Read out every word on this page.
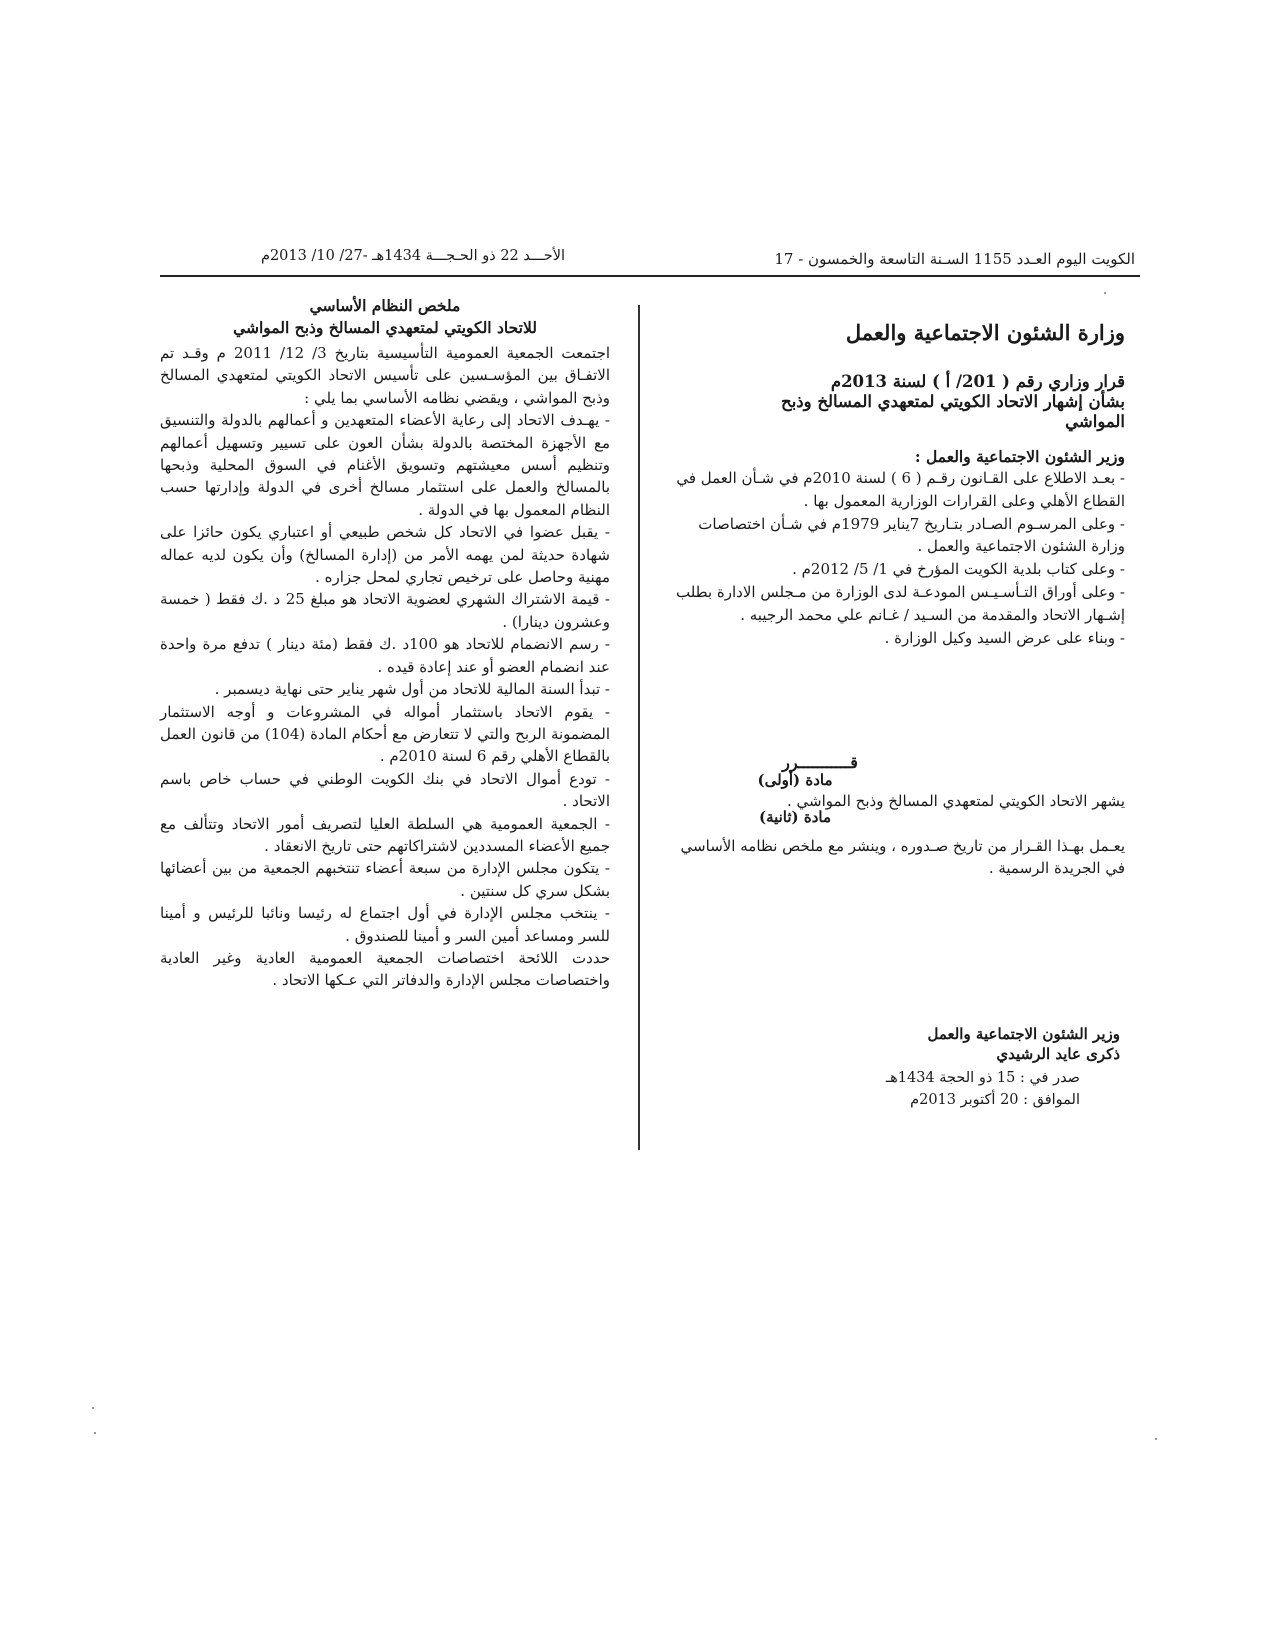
الأحـــد 22 ذو الحـجـــة 1434هـ -27/ 10/ 2013م	الكويت اليوم العـدد 1155 السـنة التاسعة والخمسون - 17
وزارة الشئون الاجتماعية والعمل
قرار وزاري رقم ( 201/ أ ) لسنة 2013م
بشأن إشهار الاتحاد الكويتي لمتعهدي المسالخ وذبح
المواشي
وزير الشئون الاجتماعية والعمل :

- بعـد الاطلاع على القـانون رقـم ( 6 ) لسنة 2010م في شـأن العمل في القطاع الأهلي وعلى القرارات الوزارية المعمول بها .

- وعلى المرسـوم الصـادر بتـاريخ 7يناير 1979م في شـأن اختصاصات وزارة الشئون الاجتماعية والعمل .

- وعلى كتاب بلدية الكويت المؤرخ في 1/ 5/ 2012م .

- وعلى أوراق التـأسـيـس المودعـة لدى الوزارة من مـجلس الادارة بطلب إشـهار الاتحاد والمقدمة من السـيد / غـانم علي محمد الرجيبه .

- وبناء على عرض السيد وكيل الوزارة .

قـــــــــــرر
مادة (أولى)
يشهر الاتحاد الكويتي لمتعهدي المسالخ وذبح المواشي .
مادة (ثانية)
يعـمل بهـذا القـرار من تاريخ صـدوره ، وينشر مع ملخص نظامه الأساسي في الجريدة الرسمية .
وزير الشئون الاجتماعية والعمل
ذكرى عايد الرشيدي
صدر في : 15 ذو الحجة 1434هـ
الموافق : 20 أكتوبر 2013م
ملخص النظام الأساسي
للاتحاد الكويتي لمتعهدي المسالخ وذبح المواشي

اجتمعت الجمعية العمومية التأسيسية بتاريخ 3/ 12/ 2011 م وقـد تم الاتفـاق بين المؤسـسين على تأسيس الاتحاد الكويتي لمتعهدي المسالخ وذبح المواشي ، ويقضي نظامه الأساسي بما يلي :

- يهـدف الاتحاد إلى رعاية الأعضاء المتعهدين و أعمالهم بالدولة والتنسيق مع الأجهزة المختصة بالدولة بشأن العون على تسيير وتسهيل أعمالهم وتنظيم أسس معيشتهم وتسويق الأغنام في السوق المحلية وذبحها بالمسالخ والعمل على استثمار مسالخ أخرى في الدولة وإدارتها حسب النظام المعمول بها في الدولة .

- يقبل عضوا في الاتحاد كل شخص طبيعي أو اعتباري يكون حائزا على شهادة حديثة لمن يهمه الأمر من (إدارة المسالخ) وأن يكون لديه عماله مهنية وحاصل على ترخيص تجاري لمحل جزاره .

- قيمة الاشتراك الشهري لعضوية الاتحاد هو مبلغ 25 د .ك فقط ( خمسة وعشرون دينارا) .

- رسم الانضمام للاتحاد هو 100د .ك فقط (مئة دينار ) تدفع مرة واحدة عند انضمام العضو أو عند إعادة قيده .

- تبدأ السنة المالية للاتحاد من أول شهر يناير حتى نهاية ديسمبر .

- يقوم الاتحاد باستثمار أمواله في المشروعات و أوجه الاستثمار المضمونة الربح والتي لا تتعارض مع أحكام المادة (104) من قانون العمل بالقطاع الأهلي رقم 6 لسنة 2010م .

- تودع أموال الاتحاد في بنك الكويت الوطني في حساب خاص باسم الاتحاد .

- الجمعية العمومية هي السلطة العليا لتصريف أمور الاتحاد وتتألف مع جميع الأعضاء المسددين لاشتراكاتهم حتى تاريخ الانعقاد .

- يتكون مجلس الإدارة من سبعة أعضاء تنتخبهم الجمعية من بين أعضائها بشكل سري كل سنتين .

- ينتخب مجلس الإدارة في أول اجتماع له رئيسا ونائبا للرئيس و أمينا للسر ومساعد أمين السر و أمينا للصندوق .

حددت اللائحة اختصاصات الجمعية العمومية العادية وغير العادية واختصاصات مجلس الإدارة والدفاتر التي عـكها الاتحاد .
